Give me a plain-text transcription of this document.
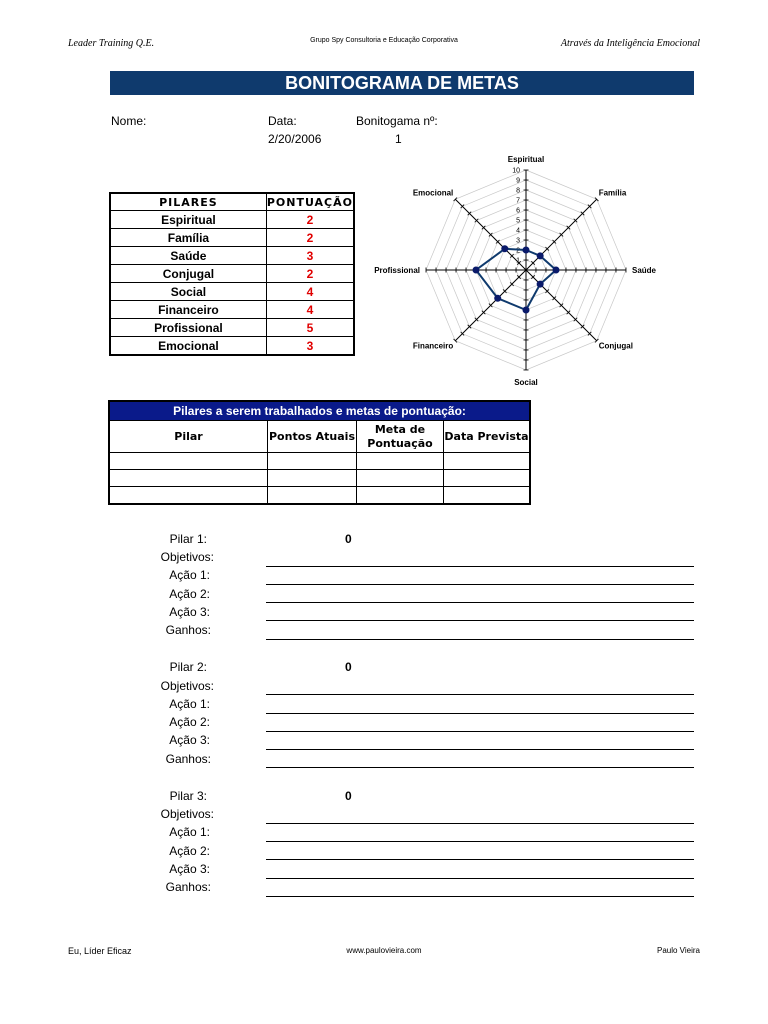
Leader Training Q.E.	Grupo Spy Consultoria e Educação Corporativa	Através da Inteligência Emocional
BONITOGRAMA DE METAS
Nome:	Data:
2/20/2006
Bonitogama nº:
1
PILARES	PONTUAÇÃO
Espiritual	2
Família	2
Saúde	3
Conjugal	2
Social	4
Financeiro	4
Profissional	5
Emocional	3
1
2
3
4
5
6
7
8
9
10
Espiritual
Família
Saúde
Conjugal
Social
Financeiro
Profissional
Emocional
Pilares a serem trabalhados e metas de pontuação:			
Pilar	Pontos Atuais	Meta de Pontuação	Data Prevista

Pilar 1:	0
Objetivos:
Ação 1:
Ação 2:
Ação 3:
Ganhos:
Pilar 2:	0
Objetivos:
Ação 1:
Ação 2:
Ação 3:
Ganhos:
Pilar 3:	0
Objetivos:
Ação 1:
Ação 2:
Ação 3:
Ganhos:
Eu, Líder Eficaz	www.paulovieira.com	Paulo Vieira
